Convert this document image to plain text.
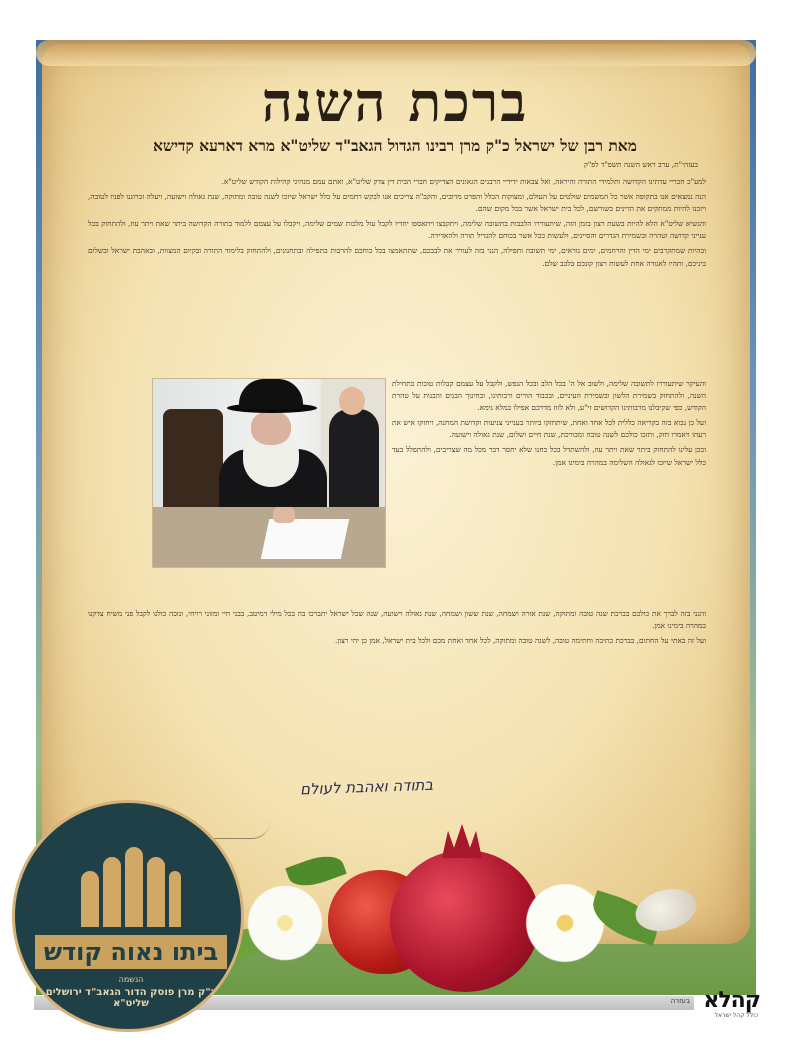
ברכת השנה
מאת רבן של ישראל כ"ק מרן רבינו הגדול הגאב"ד שליט"א מרא דארעא קדישא
בעזהי"ת, ערב ראש השנה תשפ"ד לפ"ק

למע"כ חבריי עדתינו הקדושה ותלמידי התורה והיראה, ואל צבאות ידידיי הרבנים הגאונים הצדיקים חברי הבית דין צדק שליט"א, ואתם עמם מנהיגי קהילות הקודש שליט"א.

הנה נמצאים אנו בתקופה אשר כל המשמים שולטים על העולם, ומצוקות הכלל והפרט מרובים, והקב"ה צריכים אנו לבקש רחמים על כלל ישראל שיזכו לשנה טובה ומתוקה, שנת גאולה וישועה, ויעלה זכרוננו לפניו לטובה, ויזכנו להיות ממתקים את הדינים בשורשם, לכל בית ישראל אשר בכל מקום שהם.

והנשיא שליט"א הלא להיות בשעת רצון בזמן הזה, שיתעוררו הלבבות בתשובה שלימה, ויתקבצו ויתאספו יחדיו לקבל עול מלכות שמים שלימה, ויקבלו על עצמם ללמוד בתורה הקדושה ביתר שאת ויתר עוז, ולהתחזק בכל ענייני קדושה וטהרה ובשמירת הגדרים והסייגים, ולעשות ככל אשר בכוחם להגדיל תורה ולהאדירה.

ובהיות שמתקרבים ימי הדין והרחמים, ימים נוראים, ימי תשובה ותפילה, הנני בזה לעורר את לבבכם, שתתאמצו בכל כוחכם להרבות בתפילה ובתחנונים, ולהתחזק בלימוד התורה ובקיום המצוות, ובאהבת ישראל ובשלום ביניכם, ותהיו לאגודה אחת לעשות רצון קונכם בלבב שלם.

והעיקר שיתעוררו לתשובה שלימה, ולשוב אל ה' בכל הלב ובכל הנפש, ולקבל על עצמם קבלות טובות בתחילת השנה, ולהתחזק בשמירת הלשון ובשמירת העיניים, ובכבוד הורים ורבותינו, ובחינוך הבנים והבנות על טהרת הקודש, כפי שקיבלנו מרבותינו הקדושים זי"ע, ולא לזוז מדרכם אפילו כמלא נימא.

ועל כן נבוא בזה בקריאה כללית לכל אחד ואחת, שיתחזקו ביותר בענייני צניעות וקדושת המחנה, ויחזקו איש את רעהו ויאמרו חזק, ותזכו כולכם לשנה טובה ומבורכת, שנת חיים ושלום, שנת גאולה וישועה.

ובכן עלינו להתחזק ביתר שאת ויתר עוז, ולהשתדל בכל כחנו שלא יחסר דבר מכל מה שצריכים, ולהתפלל בעד כלל ישראל שיזכו לגאולה השלימה במהרה בימינו אמן.

והנני בזה לברך את כולכם בברכת שנה טובה ומתוקה, שנת אורה ושמחה, שנת ששון ושמחה, שנת גאולה וישועה, שנה שכל ישראל יתברכו בה בכל מילי דמיטב, בבני חיי ומזוני רויחי, ונזכה כולנו לקבל פני משיח צדקנו במהרה בימינו אמן.

ועל זה באתי על החתום, בברכת כתיבה וחתימה טובה, לשנה טובה ומתוקה, לכל אחד ואחת מכם ולכל בית ישראל, אמן כן יהי רצון.

בתודה ואהבת לעולם
בעזרה קהלא
כולל קהל ישראל
ביתו נאוה קודש
הנשמה
כ"ק מרן פוסק הדור הגאב"ד ירושלים שליט"א
